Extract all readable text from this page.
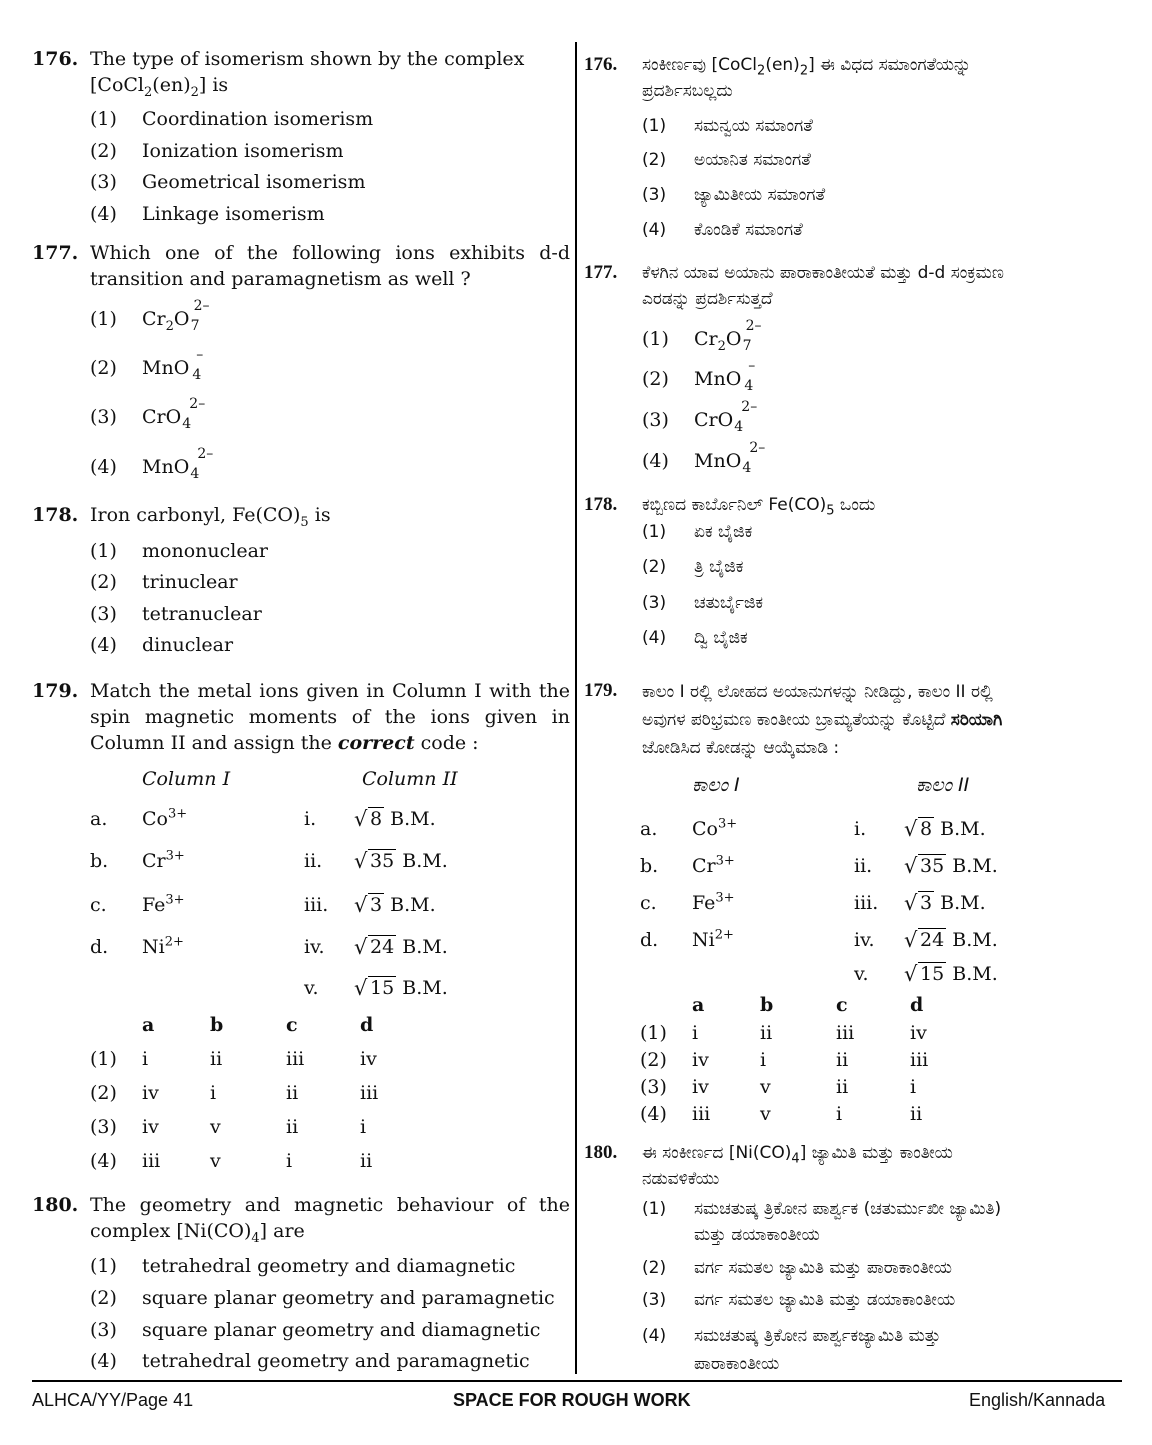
176. The type of isomerism shown by the complex
$[CoCl_2(en)_2]$ is
(1) Coordination isomerism
(2) Ionization isomerism
(3) Geometrical isomerism
(4) Linkage isomerism
177. Which one of the following ions exhibits d-d transition and paramagnetism as well ?
(1) $Cr_2O$
2–
7
(2) MnO
–
4
(3) CrO
2–
4
(4) MnO
2–
4
178. Iron carbonyl, $Fe(CO)_5$ is
(1) mononuclear
(2) trinuclear
(3) tetranuclear
(4) dinuclear
179. Match the metal ions given in Column I with the spin magnetic moments of the ions given in Column II and assign the correct code :
Column I	Column II
a. $Co^{3+}$	i.	√ 8 B.M.
b. $Cr^{3+}$	ii.	√ 35 B.M.
c. $Fe^{3+}$	iii.	√ 3 B.M.
d. $Ni^{2+}$	iv.	√ 24 B.M.
v.	√ 15 B.M.
a	b	c	d
(1) i	ii	iii	iv
(2) iv	i	ii	iii
(3) iv	v	ii	i
(4) iii	v	i	ii
180. The geometry and magnetic behaviour of the complex $[Ni(CO)_4]$ are
(1) tetrahedral geometry and diamagnetic
(2) square planar geometry and paramagnetic
(3) square planar geometry and diamagnetic
(4) tetrahedral geometry and paramagnetic
176. ಸಂಕೀರ್ಣವು $[CoCl_2(en)_2]$ ಈ ವಿಧದ ಸಮಾಂಗತೆಯನ್ನು
ಪ್ರದರ್ಶಿಸಬಲ್ಲದು
(1) ಸಮನ್ವಯ ಸಮಾಂಗತೆ
(2) ಅಯಾನಿತ ಸಮಾಂಗತೆ
(3) ಜ್ಯಾಮಿತೀಯ ಸಮಾಂಗತೆ
(4) ಕೊಂಡಿಕೆ ಸಮಾಂಗತೆ
177. ಕೆಳಗಿನ ಯಾವ ಅಯಾನು ಪಾರಾಕಾಂತೀಯತೆ ಮತ್ತು d-d ಸಂಕ್ರಮಣ
ಎರಡನ್ನು ಪ್ರದರ್ಶಿಸುತ್ತದೆ
(1) $Cr_2O$
2–
7
(2) MnO
–
4
(3) CrO
2–
4
(4) MnO
2–
4
178. ಕಬ್ಬಿಣದ ಕಾರ್ಬೊನಿಲ್ $Fe(CO)_5$ ಒಂದು
(1) ಏಕ ಬೈಜಿಕ
(2) ತ್ರಿ ಬೈಜಿಕ
(3) ಚತುರ್ಬೈಜಿಕ
(4) ದ್ವಿ ಬೈಜಿಕ
179. ಕಾಲಂ I ರಲ್ಲಿ ಲೋಹದ ಅಯಾನುಗಳನ್ನು ನೀಡಿದ್ದು, ಕಾಲಂ II ರಲ್ಲಿ
ಅವುಗಳ ಪರಿಭ್ರಮಣ ಕಾಂತೀಯ ಬ್ರಾಮ್ಯತೆಯನ್ನು ಕೊಟ್ಟಿದೆ ಸರಿಯಾಗಿ
ಜೋಡಿಸಿದ ಕೋಡನ್ನು ಆಯ್ಕೆಮಾಡಿ :
ಕಾಲಂ I	ಕಾಲಂ II
a. $Co^{3+}$	i.	√ 8 B.M.
b. $Cr^{3+}$	ii.	√ 35 B.M.
c. $Fe^{3+}$	iii.	√ 3 B.M.
d. $Ni^{2+}$	iv.	√ 24 B.M.
v.	√ 15 B.M.
a	b	c	d
(1) i	ii	iii	iv
(2) iv	i	ii	iii
(3) iv	v	ii	i
(4) iii	v	i	ii
180. ಈ ಸಂಕೀರ್ಣದ $[Ni(CO)_4]$ ಜ್ಯಾಮಿತಿ ಮತ್ತು ಕಾಂತೀಯ
ನಡುವಳಿಕೆಯು
(1) ಸಮಚತುಷ್ಕ ತ್ರಿಕೋನ ಪಾರ್ಶ್ವಕ (ಚತುರ್ಮುಖೀ ಜ್ಯಾಮಿತಿ)
ಮತ್ತು ಡಯಾಕಾಂತೀಯ
(2) ವರ್ಗ ಸಮತಲ ಜ್ಯಾಮಿತಿ ಮತ್ತು ಪಾರಾಕಾಂತೀಯ
(3) ವರ್ಗ ಸಮತಲ ಜ್ಯಾಮಿತಿ ಮತ್ತು ಡಯಾಕಾಂತೀಯ
(4) ಸಮಚತುಷ್ಕ ತ್ರಿಕೋನ ಪಾರ್ಶ್ವಕಜ್ಯಾಮಿತಿ ಮತ್ತು
ಪಾರಾಕಾಂತೀಯ
ALHCA/YY/Page 41	SPACE FOR ROUGH WORK	English/Kannada
